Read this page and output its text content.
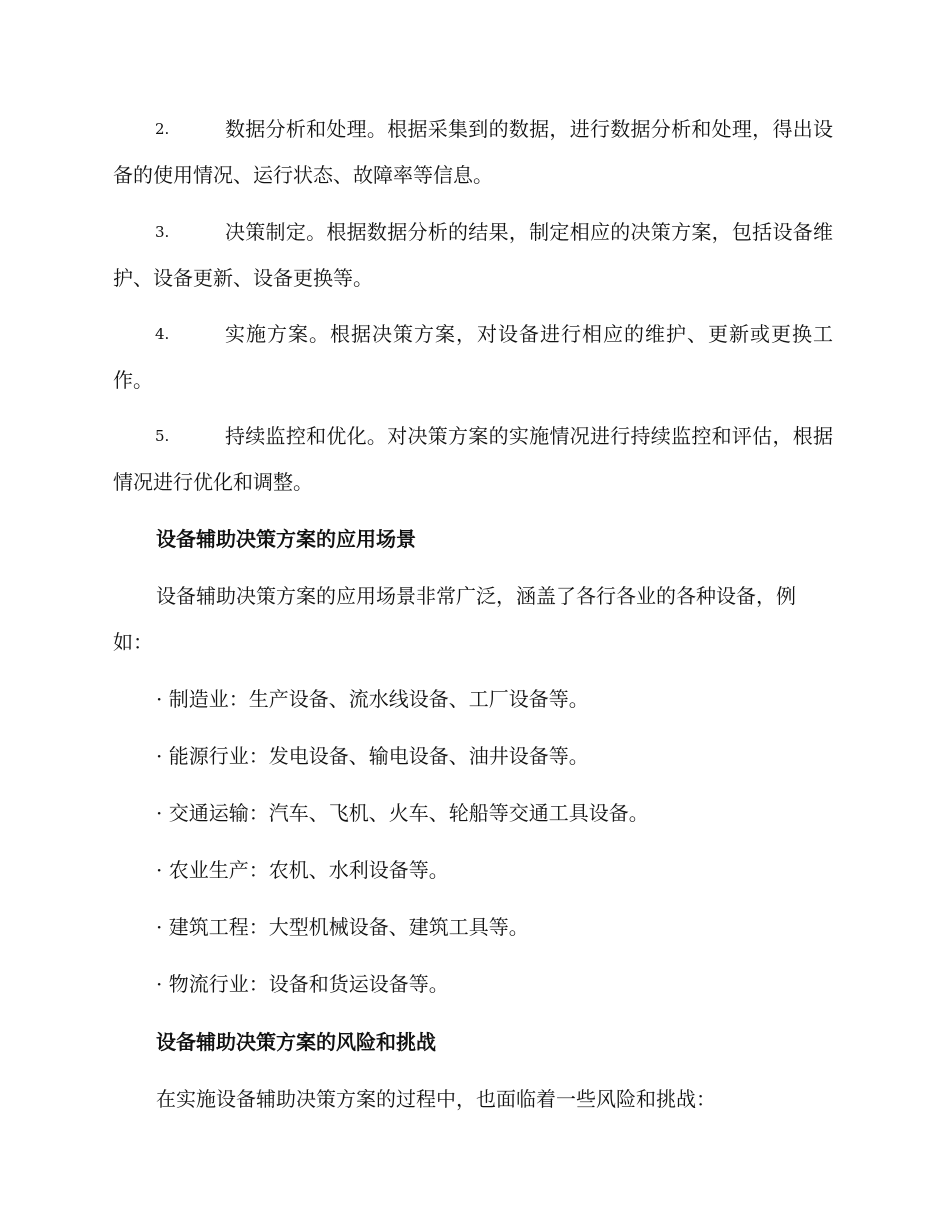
2.	数据分析和处理。根据采集到的数据，进行数据分析和处理，得出设备的使用情况、运行状态、故障率等信息。
3.	决策制定。根据数据分析的结果，制定相应的决策方案，包括设备维护、设备更新、设备更换等。
4.	实施方案。根据决策方案，对设备进行相应的维护、更新或更换工作。
5.	持续监控和优化。对决策方案的实施情况进行持续监控和评估，根据情况进行优化和调整。
设备辅助决策方案的应用场景
设备辅助决策方案的应用场景非常广泛，涵盖了各行各业的各种设备，例如：
· 制造业：生产设备、流水线设备、工厂设备等。
· 能源行业：发电设备、输电设备、油井设备等。
· 交通运输：汽车、飞机、火车、轮船等交通工具设备。
· 农业生产：农机、水利设备等。
· 建筑工程：大型机械设备、建筑工具等。
· 物流行业：设备和货运设备等。
设备辅助决策方案的风险和挑战
在实施设备辅助决策方案的过程中，也面临着一些风险和挑战：
